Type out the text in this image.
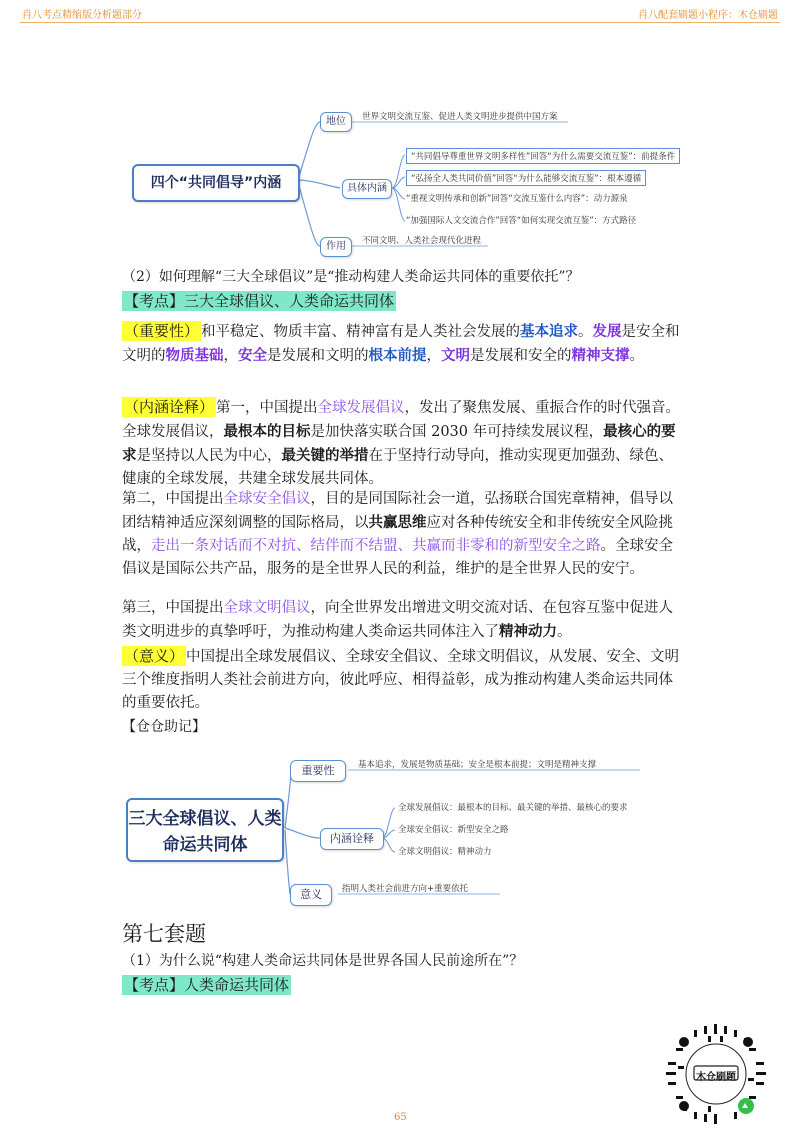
肖八考点精缩版分析题部分	肖八配套刷题小程序：木仓刷题
四个“共同倡导”内涵
地位	世界文明交流互鉴、促进人类文明进步提供中国方案
具体内涵
“共同倡导尊重世界文明多样性”回答“为什么需要交流互鉴”：前提条件
“弘扬全人类共同价值”回答“为什么能够交流互鉴”：根本遵循
“重视文明传承和创新”回答“交流互鉴什么内容”：动力源泉
“加强国际人文交流合作”回答“如何实现交流互鉴”：方式路径
作用	不同文明、人类社会现代化进程
（2）如何理解“三大全球倡议”是“推动构建人类命运共同体的重要依托”？
【考点】三大全球倡议、人类命运共同体
（重要性） 和平稳定、物质丰富、精神富有是人类社会发展的基本追求。发展是安全和文明的物质基础，安全是发展和文明的根本前提，文明是发展和安全的精神支撑。
（内涵诠释） 第一，中国提出全球发展倡议，发出了聚焦发展、重振合作的时代强音。全球发展倡议，最根本的目标是加快落实联合国 2030 年可持续发展议程，最核心的要求是坚持以人民为中心，最关键的举措在于坚持行动导向，推动实现更加强劲、绿色、健康的全球发展，共建全球发展共同体。
第二，中国提出全球安全倡议，目的是同国际社会一道，弘扬联合国宪章精神，倡导以团结精神适应深刻调整的国际格局，以共赢思维应对各种传统安全和非传统安全风险挑战，走出一条对话而不对抗、结伴而不结盟、共赢而非零和的新型安全之路。全球安全倡议是国际公共产品，服务的是全世界人民的利益，维护的是全世界人民的安宁。
第三，中国提出全球文明倡议，向全世界发出增进文明交流对话、在包容互鉴中促进人类文明进步的真挚呼吁，为推动构建人类命运共同体注入了精神动力。
（意义） 中国提出全球发展倡议、全球安全倡议、全球文明倡议，从发展、安全、文明三个维度指明人类社会前进方向，彼此呼应、相得益彰，成为推动构建人类命运共同体的重要依托。
【仓仓助记】
三大全球倡议、人类命运共同体
重要性	基本追求，发展是物质基础；安全是根本前提；文明是精神支撑
内涵诠释
全球发展倡议：最根本的目标、最关键的举措、最核心的要求
全球安全倡议：新型安全之路
全球文明倡议：精神动力
意义	指明人类社会前进方向+重要依托
第七套题
（1）为什么说“构建人类命运共同体是世界各国人民前途所在”？
【考点】人类命运共同体
65
木仓刷题
